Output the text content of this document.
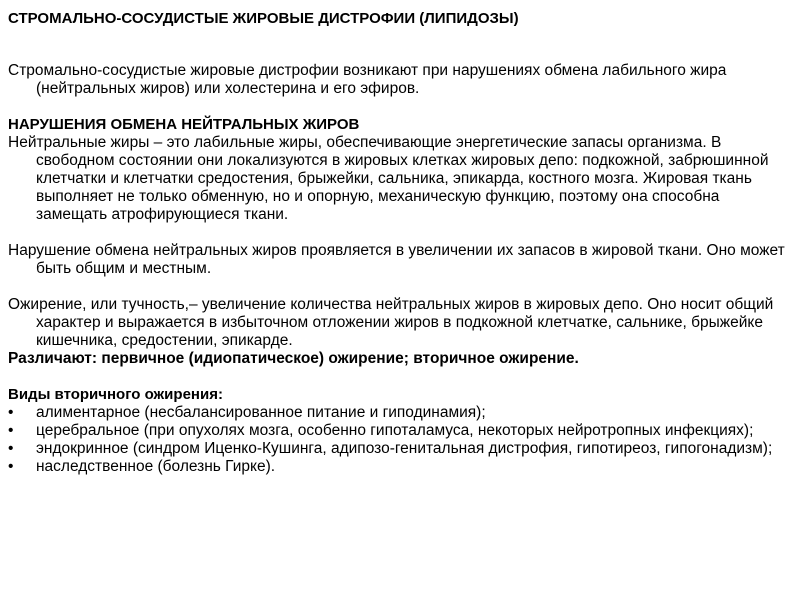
СТРОМАЛЬНО-СОСУДИСТЫЕ ЖИРОВЫЕ ДИСТРОФИИ (ЛИПИДОЗЫ)

Стромально-сосудистые жировые дистрофии возникают при нарушениях обмена лабильного жира (нейтральных жиров) или холестерина и его эфиров.

НАРУШЕНИЯ ОБМЕНА НЕЙТРАЛЬНЫХ ЖИРОВ

Нейтральные жиры – это лабильные жиры, обеспечивающие энергетические запасы организма. В свободном состоянии они локализуются в жировых клетках жировых депо: подкожной, забрюшинной клетчатки и клетчатки средостения, брыжейки, сальника, эпикарда, костного мозга. Жировая ткань выполняет не только обменную, но и опорную, механическую функцию, поэтому она способна замещать атрофирующиеся ткани.

Нарушение обмена нейтральных жиров проявляется в увеличении их запасов в жировой ткани. Оно может быть общим и местным.

Ожирение, или тучность,– увеличение количества нейтральных жиров в жировых депо. Оно носит общий характер и выражается в избыточном отложении жиров в подкожной клетчатке, сальнике, брыжейке кишечника, средостении, эпикарде.

Различают: первичное (идиопатическое) ожирение; вторичное ожирение.

Виды вторичного ожирения:

• алиментарное (несбалансированное питание и гиподинамия);
• церебральное (при опухолях мозга, особенно гипоталамуса, некоторых нейротропных инфекциях);
• эндокринное (синдром Иценко-Кушинга, адипозо-генитальная дистрофия, гипотиреоз, гипогонадизм);
• наследственное (болезнь Гирке).
